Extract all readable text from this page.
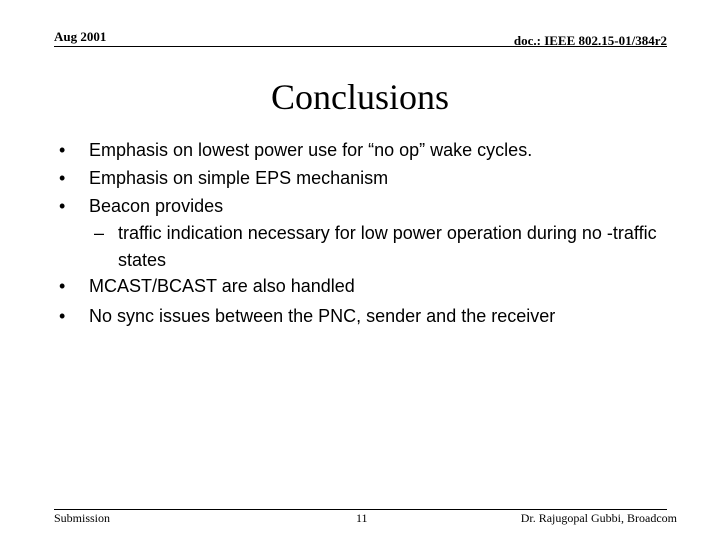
Aug 2001	doc.: IEEE 802.15-01/384r2
Conclusions
•	Emphasis on lowest power use for “no op” wake cycles.
•	Emphasis on simple EPS mechanism
•	Beacon provides
– traffic indication necessary for low power operation during no -traffic states
•	MCAST/BCAST are also handled
•	No sync issues between the PNC, sender and the receiver
Submission	11	Dr. Rajugopal Gubbi, Broadcom
